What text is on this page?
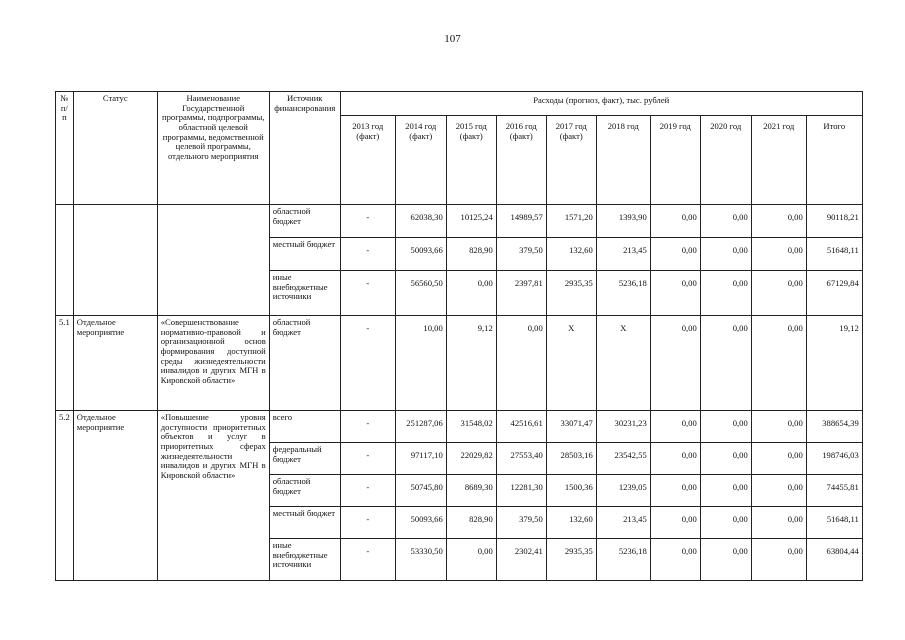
107
№ п/п	Статус	Наименование Государственной программы, подпрограммы, областной целевой программы, ведомственной целевой программы, отдельного мероприятия	Источник финансирования	Расходы (прогноз, факт), тыс. рублей									
				2013 год (факт)	2014 год (факт)	2015 год (факт)	2016 год (факт)	2017 год (факт)	2018 год	2019 год	2020 год	2021 год	Итого
			областной бюджет	-	62038,30	10125,24	14989,57	1571,20	1393,90	0,00	0,00	0,00	90118,21
			местный бюджет	-	50093,66	828,90	379,50	132,60	213,45	0,00	0,00	0,00	51648,11
			иные внебюджетные источники	-	56560,50	0,00	2397,81	2935,35	5236,18	0,00	0,00	0,00	67129,84
5.1	Отдельное мероприятие	«Совершенствование нормативно-правовой и организационной основ формирования доступной среды жизнедеятельности инвалидов и других МГН в Кировской области»	областной бюджет	-	10,00	9,12	0,00	X	X	0,00	0,00	0,00	19,12
5.2	Отдельное мероприятие	«Повышение уровня доступности приоритетных объектов и услуг в приоритетных сферах жизнедеятельности инвалидов и других МГН в Кировской области»	всего	-	251287,06	31548,02	42516,61	33071,47	30231,23	0,00	0,00	0,00	388654,39
			федеральный бюджет	-	97117,10	22029,82	27553,40	28503,16	23542,55	0,00	0,00	0,00	198746,03
			областной бюджет	-	50745,80	8689,30	12281,30	1500,36	1239,05	0,00	0,00	0,00	74455,81
			местный бюджет	-	50093,66	828,90	379,50	132,60	213,45	0,00	0,00	0,00	51648,11
			иные внебюджетные источники	-	53330,50	0,00	2302,41	2935,35	5236,18	0,00	0,00	0,00	63804,44
